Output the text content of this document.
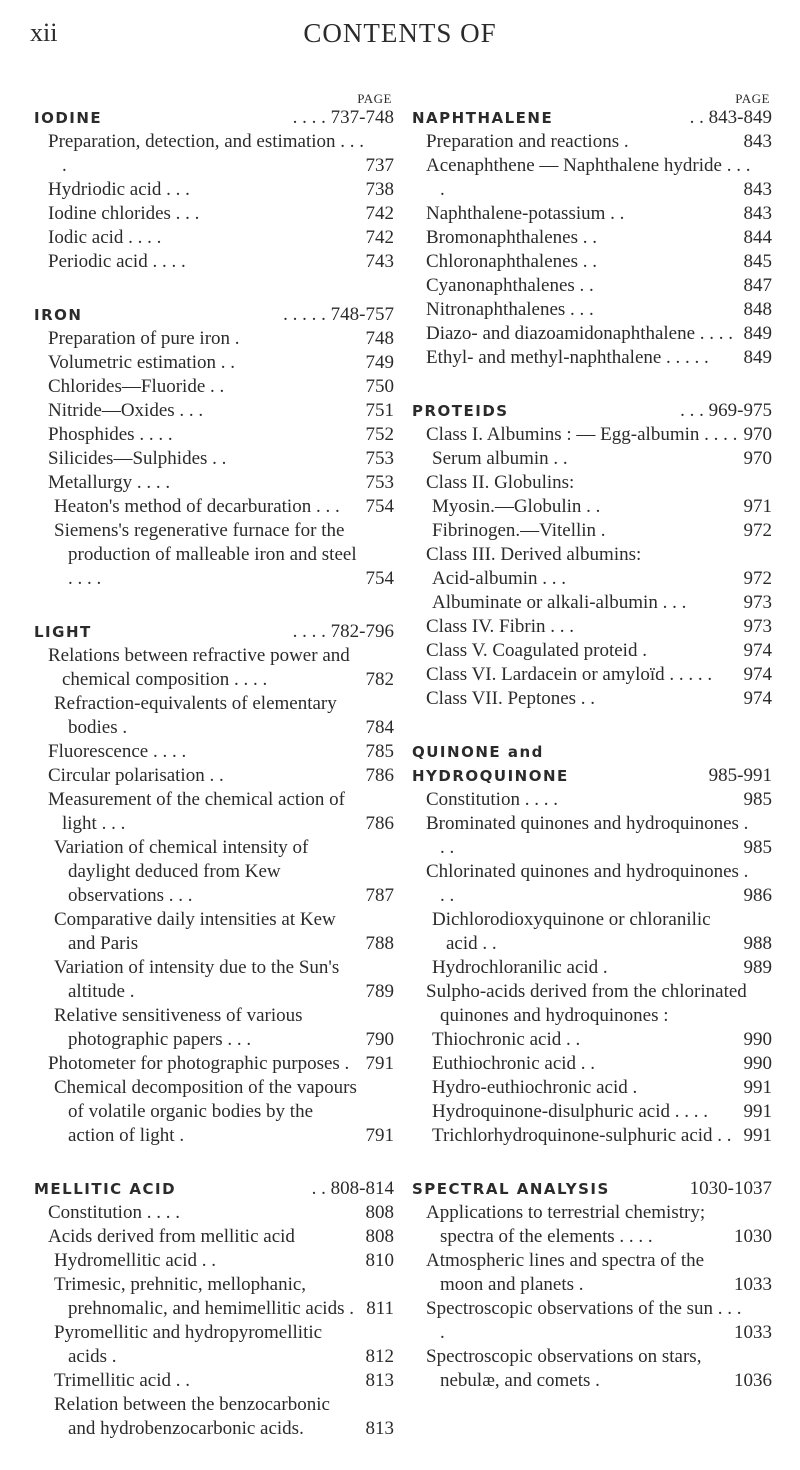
xii	CONTENTS OF
PAGE
IODINE	. . . . 737-748
Preparation, detection, and estimation . . . .	737
Hydriodic acid . . .	738
Iodine chlorides . . .	742
Iodic acid . . . .	742
Periodic acid . . . .	743
IRON	. . . . . 748-757
Preparation of pure iron .	748
Volumetric estimation . .	749
Chlorides—Fluoride . .	750
Nitride—Oxides . . .	751
Phosphides . . . .	752
Silicides—Sulphides . .	753
Metallurgy . . . .	753
Heaton's method of decarburation . . .	754
Siemens's regenerative furnace for the production of malleable iron and steel . . . .	754
LIGHT	. . . . 782-796
Relations between refractive power and chemical composition . . . .	782
Refraction-equivalents of elementary bodies .	784
Fluorescence . . . .	785
Circular polarisation . .	786
Measurement of the chemical action of light . . .	786
Variation of chemical intensity of daylight deduced from Kew observations . . .	787
Comparative daily intensities at Kew and Paris	788
Variation of intensity due to the Sun's altitude .	789
Relative sensitiveness of various photographic papers . . .	790
Photometer for photographic purposes . 791
Chemical decomposition of the vapours of volatile organic bodies by the action of light .	791
MELLITIC ACID	. . 808-814
Constitution . . . .	808
Acids derived from mellitic acid	808
Hydromellitic acid . .	810
Trimesic, prehnitic, mellophanic, prehnomalic, and hemimellitic acids . 811
Pyromellitic and hydropyromellitic acids .	812
Trimellitic acid . .	813
Relation between the benzocarbonic and hydrobenzocarbonic acids.	813
PAGE
NAPHTHALENE	. . 843-849
Preparation and reactions .	843
Acenaphthene — Naphthalene hydride . . . .	843
Naphthalene-potassium . .	843
Bromonaphthalenes . .	844
Chloronaphthalenes . .	845
Cyanonaphthalenes . .	847
Nitronaphthalenes . . .	848
Diazo- and diazoamidonaphthalene . . . . 849
Ethyl- and methyl-naphthalene . . . . .	849
PROTEIDS	. . . 969-975
Class I. Albumins : — Egg-albumin . . . . 970
Serum albumin . .	970
Class II. Globulins:
Myosin.—Globulin . .	971
Fibrinogen.—Vitellin .	972
Class III. Derived albumins:
Acid-albumin . . .	972
Albuminate or alkali-albumin . . .	973
Class IV. Fibrin . . .	973
Class V. Coagulated proteid .	974
Class VI. Lardacein or amyloïd . . . . .	974
Class VII. Peptones . .	974
QUINONE and HYDROQUINONE	985-991
Constitution . . . .	985
Brominated quinones and hydroquinones . . .	985
Chlorinated quinones and hydroquinones . . .	986
Dichlorodioxyquinone or chloranilic acid . .	988
Hydrochloranilic acid .	989
Sulpho-acids derived from the chlorinated quinones and hydroquinones :
Thiochronic acid . .	990
Euthiochronic acid . .	990
Hydro-euthiochronic acid .	991
Hydroquinone-disulphuric acid . . . .	991
Trichlorhydroquinone-sulphuric acid . . 991
SPECTRAL ANALYSIS	1030-1037
Applications to terrestrial chemistry; spectra of the elements . . . .	1030
Atmospheric lines and spectra of the moon and planets .	1033
Spectroscopic observations of the sun . . . .	1033
Spectroscopic observations on stars, nebulæ, and comets .	1036
